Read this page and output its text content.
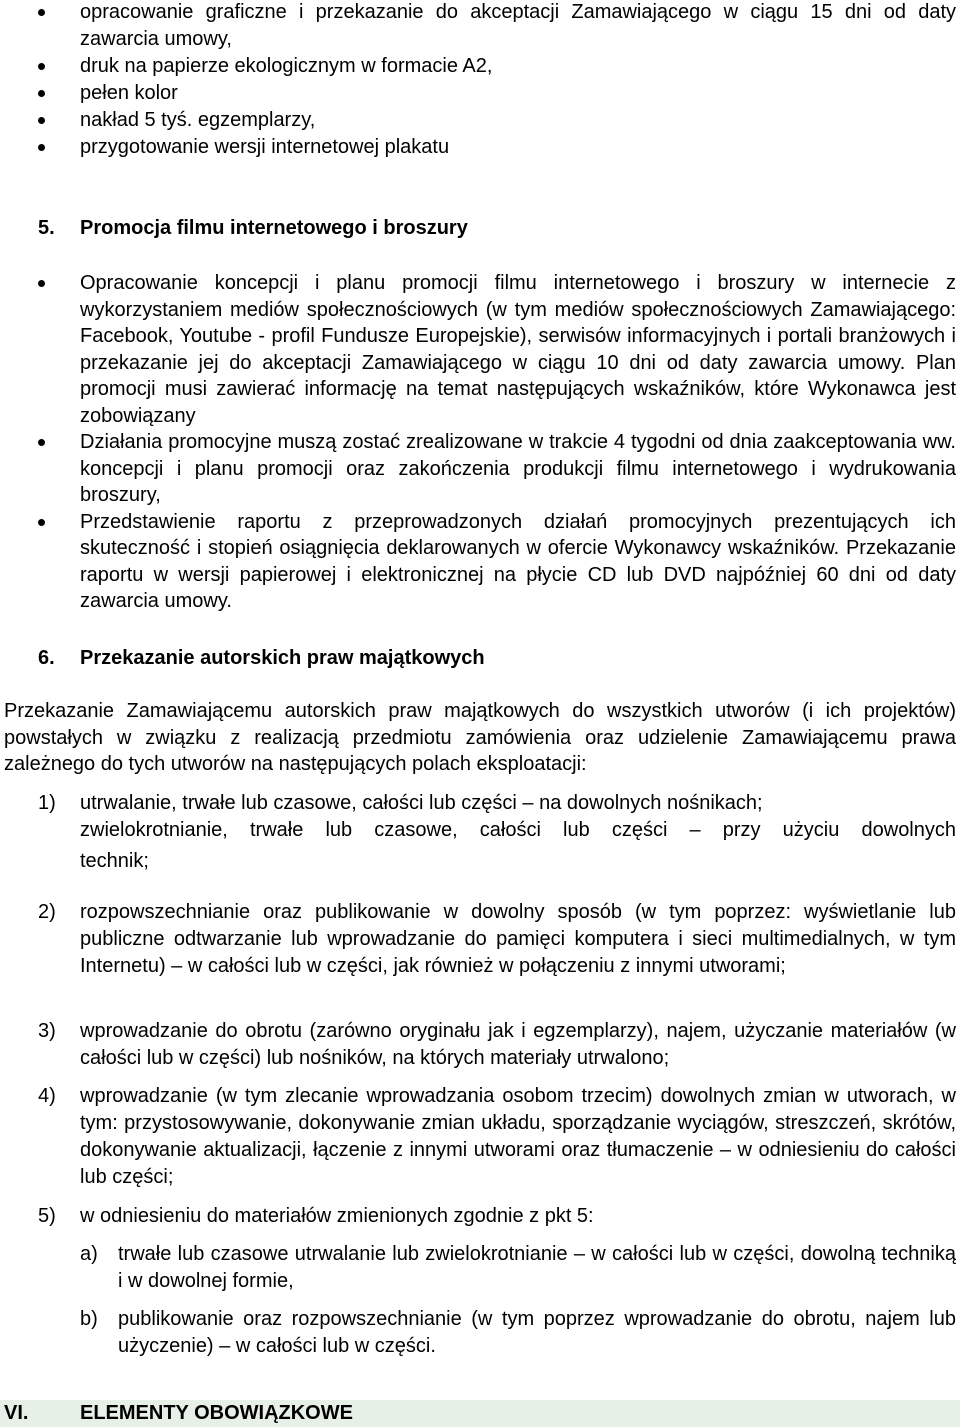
opracowanie graficzne i przekazanie do akceptacji Zamawiającego w ciągu 15 dni od daty zawarcia umowy,
druk na papierze ekologicznym w formacie A2,
pełen kolor
nakład 5 tyś. egzemplarzy,
przygotowanie wersji internetowej plakatu
5. Promocja filmu internetowego i broszury
Opracowanie koncepcji i planu promocji filmu internetowego i broszury w internecie z wykorzystaniem mediów społecznościowych (w tym mediów społecznościowych Zamawiającego: Facebook, Youtube - profil Fundusze Europejskie), serwisów informacyjnych i portali branżowych i przekazanie jej do akceptacji Zamawiającego w ciągu 10 dni od daty zawarcia umowy. Plan promocji musi zawierać informację na temat następujących wskaźników, które Wykonawca jest zobowiązany
Działania promocyjne muszą zostać zrealizowane w trakcie 4 tygodni od dnia zaakceptowania ww. koncepcji i planu promocji oraz zakończenia produkcji filmu internetowego i wydrukowania broszury,
Przedstawienie raportu z przeprowadzonych działań promocyjnych prezentujących ich skuteczność i stopień osiągnięcia deklarowanych w ofercie Wykonawcy wskaźników. Przekazanie raportu w wersji papierowej i elektronicznej na płycie CD lub DVD najpóźniej 60 dni od daty zawarcia umowy.
6. Przekazanie autorskich praw majątkowych
Przekazanie Zamawiającemu autorskich praw majątkowych do wszystkich utworów (i ich projektów) powstałych w związku z realizacją przedmiotu zamówienia oraz udzielenie Zamawiającemu prawa zależnego do tych utworów na następujących polach eksploatacji:
1) utrwalanie, trwałe lub czasowe, całości lub części – na dowolnych nośnikach;
zwielokrotnianie, trwałe lub czasowe, całości lub części – przy użyciu dowolnych
technik;
2) rozpowszechnianie oraz publikowanie w dowolny sposób (w tym poprzez: wyświetlanie lub publiczne odtwarzanie lub wprowadzanie do pamięci komputera i sieci multimedialnych, w tym Internetu) – w całości lub w części, jak również w połączeniu z innymi utworami;
3) wprowadzanie do obrotu (zarówno oryginału jak i egzemplarzy), najem, użyczanie materiałów (w całości lub w części) lub nośników, na których materiały utrwalono;
4) wprowadzanie (w tym zlecanie wprowadzania osobom trzecim) dowolnych zmian w utworach, w tym: przystosowywanie, dokonywanie zmian układu, sporządzanie wyciągów, streszczeń, skrótów, dokonywanie aktualizacji, łączenie z innymi utworami oraz tłumaczenie – w odniesieniu do całości lub części;
5) w odniesieniu do materiałów zmienionych zgodnie z pkt 5:
a) trwałe lub czasowe utrwalanie lub zwielokrotnianie – w całości lub w części, dowolną techniką i w dowolnej formie,
b) publikowanie oraz rozpowszechnianie (w tym poprzez wprowadzanie do obrotu, najem lub użyczenie) – w całości lub w części.
VI.	ELEMENTY OBOWIĄZKOWE
